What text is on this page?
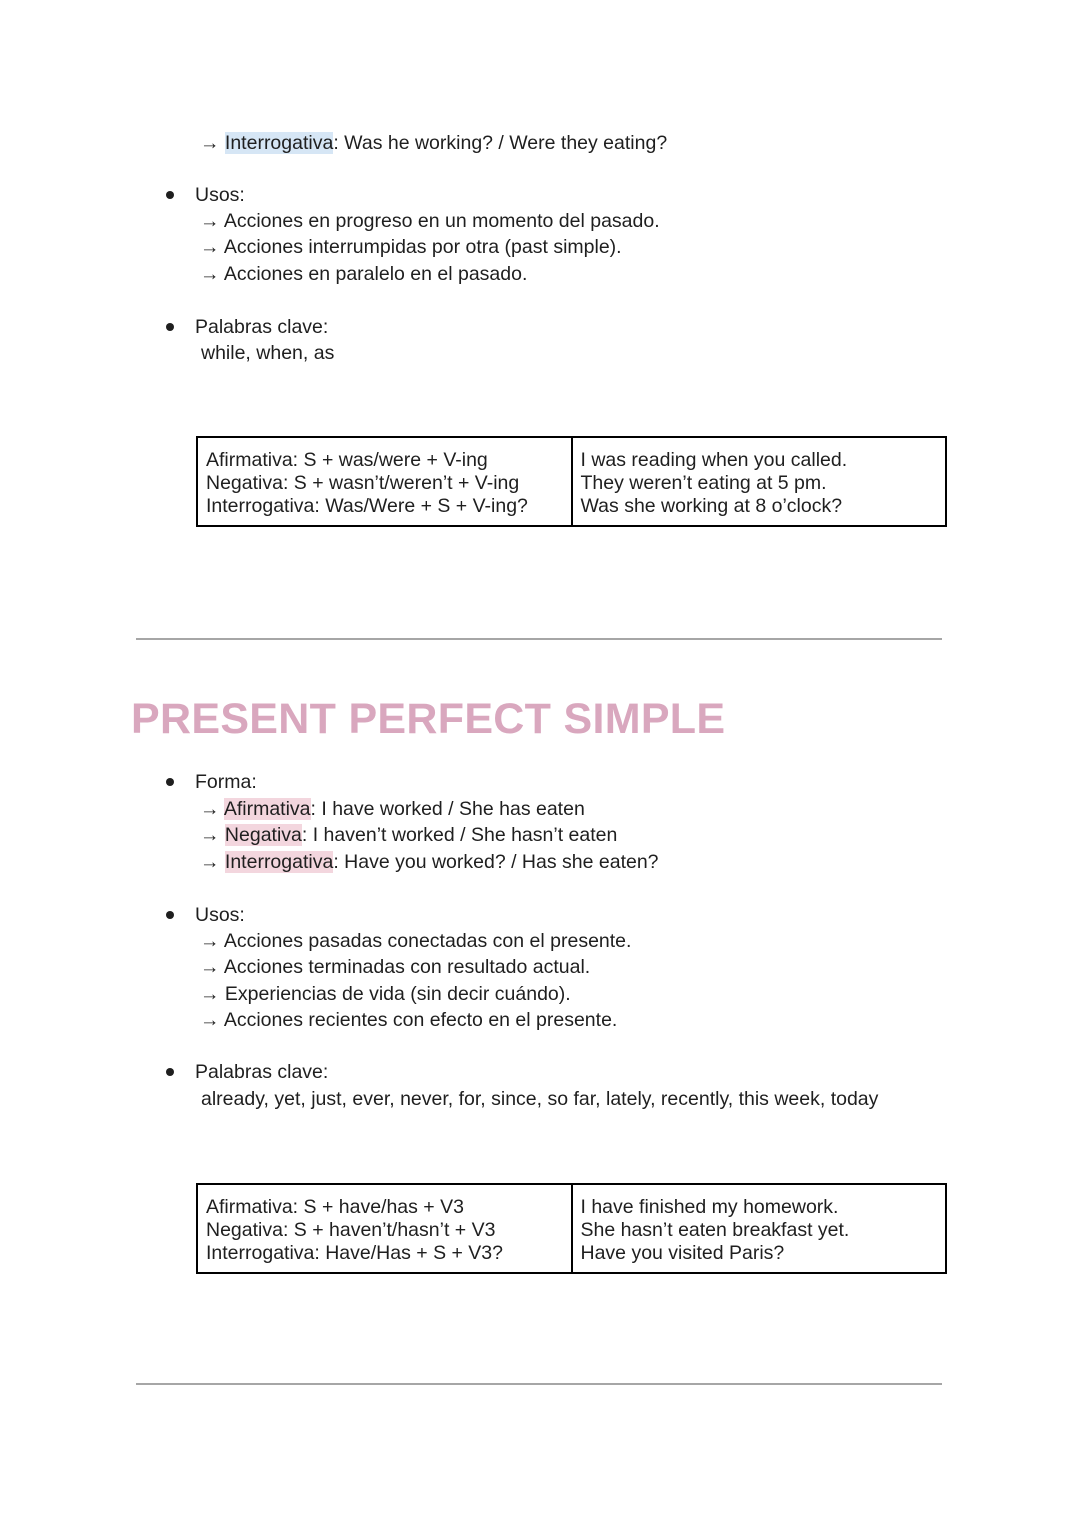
→ Interrogativa: Was he working? / Were they eating?
Usos:
→ Acciones en progreso en un momento del pasado.
→ Acciones interrumpidas por otra (past simple).
→ Acciones en paralelo en el pasado.
Palabras clave:
while, when, as
Afirmativa: S + was/were + V-ing
Negativa: S + wasn’t/weren’t + V-ing
Interrogativa: Was/Were + S + V-ing?

I was reading when you called.
They weren’t eating at 5 pm.
Was she working at 8 o’clock?
PRESENT PERFECT SIMPLE
Forma:
→ Afirmativa: I have worked / She has eaten
→ Negativa: I haven’t worked / She hasn’t eaten
→ Interrogativa: Have you worked? / Has she eaten?
Usos:
→ Acciones pasadas conectadas con el presente.
→ Acciones terminadas con resultado actual.
→ Experiencias de vida (sin decir cuándo).
→ Acciones recientes con efecto en el presente.
Palabras clave:
already, yet, just, ever, never, for, since, so far, lately, recently, this week, today
Afirmativa: S + have/has + V3
Negativa: S + haven’t/hasn’t + V3
Interrogativa: Have/Has + S + V3?

I have finished my homework.
She hasn’t eaten breakfast yet.
Have you visited Paris?
